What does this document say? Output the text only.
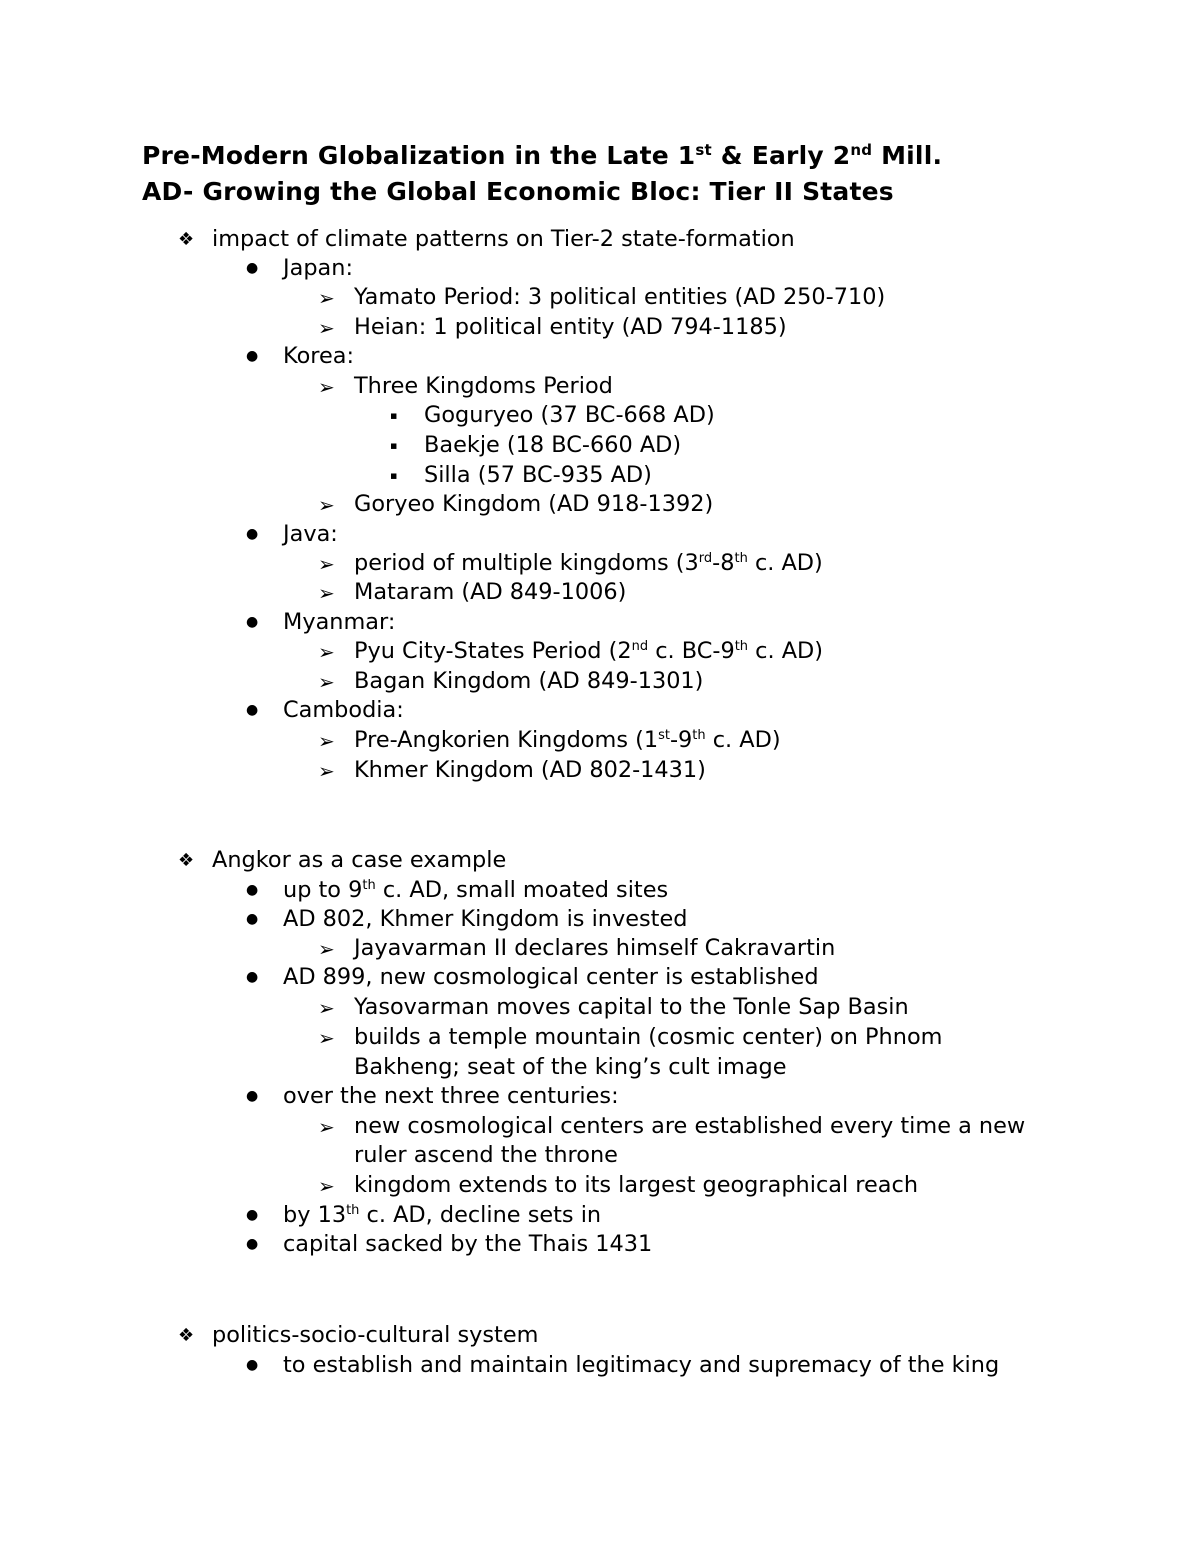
Pre-Modern Globalization in the Late 1st & Early 2nd Mill.
AD- Growing the Global Economic Bloc: Tier II States
❖ impact of climate patterns on Tier-2 state-formation
● Japan:
➢ Yamato Period: 3 political entities (AD 250-710)
➢ Heian: 1 political entity (AD 794-1185)
● Korea:
➢ Three Kingdoms Period
▪ Goguryeo (37 BC-668 AD)
▪ Baekje (18 BC-660 AD)
▪ Silla (57 BC-935 AD)
➢ Goryeo Kingdom (AD 918-1392)
● Java:
➢ period of multiple kingdoms (3rd-8th c. AD)
➢ Mataram (AD 849-1006)
● Myanmar:
➢ Pyu City-States Period (2nd c. BC-9th c. AD)
➢ Bagan Kingdom (AD 849-1301)
● Cambodia:
➢ Pre-Angkorien Kingdoms (1st-9th c. AD)
➢ Khmer Kingdom (AD 802-1431)
❖ Angkor as a case example
● up to 9th c. AD, small moated sites
● AD 802, Khmer Kingdom is invested
➢ Jayavarman II declares himself Cakravartin
● AD 899, new cosmological center is established
➢ Yasovarman moves capital to the Tonle Sap Basin
➢ builds a temple mountain (cosmic center) on Phnom
Bakheng; seat of the king’s cult image
● over the next three centuries:
➢ new cosmological centers are established every time a new
ruler ascend the throne
➢ kingdom extends to its largest geographical reach
● by 13th c. AD, decline sets in
● capital sacked by the Thais 1431
❖ politics-socio-cultural system
● to establish and maintain legitimacy and supremacy of the king
